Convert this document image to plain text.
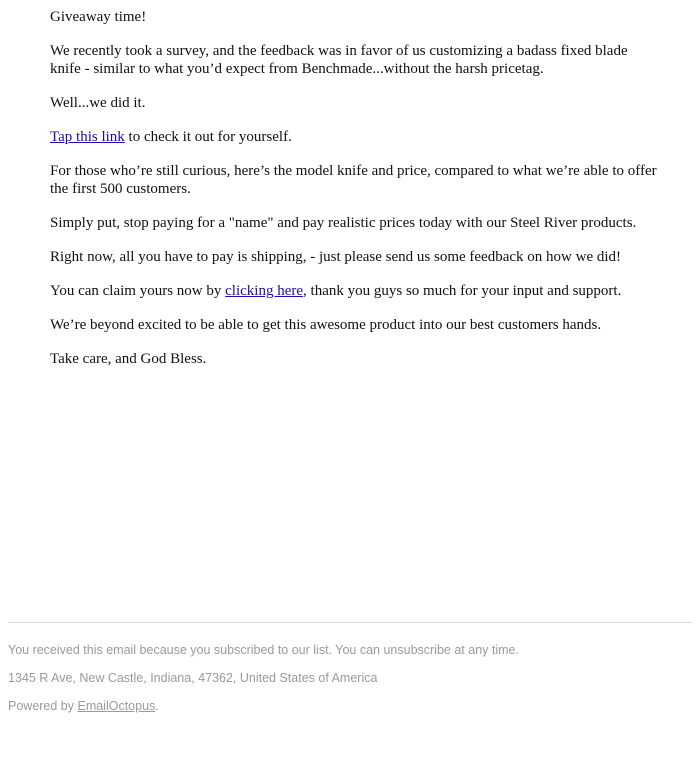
Giveaway time!

We recently took a survey, and the feedback was in favor of us customizing a badass fixed blade knife - similar to what you’d expect from Benchmade...without the harsh pricetag.

Well...we did it.

Tap this link to check it out for yourself.

For those who’re still curious, here’s the model knife and price, compared to what we’re able to offer the first 500 customers.

Simply put, stop paying for a "name" and pay realistic prices today with our Steel River products.

Right now, all you have to pay is shipping, - just please send us some feedback on how we did!

You can claim yours now by clicking here, thank you guys so much for your input and support.

We’re beyond excited to be able to get this awesome product into our best customers hands.

Take care, and God Bless.

You received this email because you subscribed to our list. You can unsubscribe at any time.

1345 R Ave, New Castle, Indiana, 47362, United States of America

Powered by EmailOctopus.
